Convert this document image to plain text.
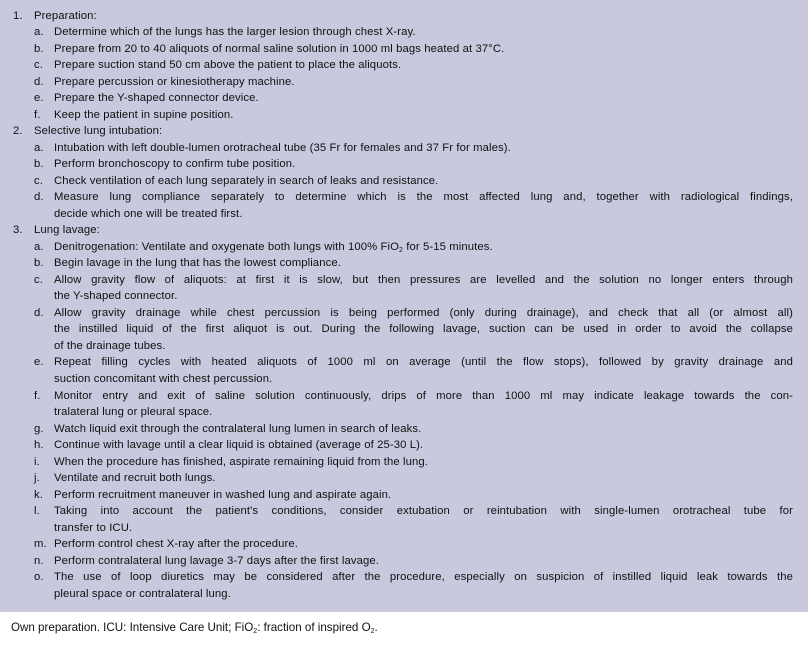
1. Preparation:
a. Determine which of the lungs has the larger lesion through chest X-ray.
b. Prepare from 20 to 40 aliquots of normal saline solution in 1000 ml bags heated at 37°C.
c. Prepare suction stand 50 cm above the patient to place the aliquots.
d. Prepare percussion or kinesiotherapy machine.
e. Prepare the Y-shaped connector device.
f. Keep the patient in supine position.
2. Selective lung intubation:
a. Intubation with left double-lumen orotracheal tube (35 Fr for females and 37 Fr for males).
b. Perform bronchoscopy to confirm tube position.
c. Check ventilation of each lung separately in search of leaks and resistance.
d. Measure lung compliance separately to determine which is the most affected lung and, together with radiological findings,
decide which one will be treated first.
3. Lung lavage:
a. Denitrogenation: Ventilate and oxygenate both lungs with 100% FiO$_2$ for 5-15 minutes.
b. Begin lavage in the lung that has the lowest compliance.
c. Allow gravity flow of aliquots: at first it is slow, but then pressures are levelled and the solution no longer enters through
the Y-shaped connector.
d. Allow gravity drainage while chest percussion is being performed (only during drainage), and check that all (or almost all)
the instilled liquid of the first aliquot is out. During the following lavage, suction can be used in order to avoid the collapse
of the drainage tubes.
e. Repeat filling cycles with heated aliquots of 1000 ml on average (until the flow stops), followed by gravity drainage and
suction concomitant with chest percussion.
f. Monitor entry and exit of saline solution continuously, drips of more than 1000 ml may indicate leakage towards the con-
tralateral lung or pleural space.
g. Watch liquid exit through the contralateral lung lumen in search of leaks.
h. Continue with lavage until a clear liquid is obtained (average of 25-30 L).
i. When the procedure has finished, aspirate remaining liquid from the lung.
j. Ventilate and recruit both lungs.
k. Perform recruitment maneuver in washed lung and aspirate again.
l. Taking into account the patient's conditions, consider extubation or reintubation with single-lumen orotracheal tube for
transfer to ICU.
m. Perform control chest X-ray after the procedure.
n. Perform contralateral lung lavage 3-7 days after the first lavage.
o. The use of loop diuretics may be considered after the procedure, especially on suspicion of instilled liquid leak towards the
pleural space or contralateral lung.
Own preparation. ICU: Intensive Care Unit; FiO$_2$: fraction of inspired $O_2$.
